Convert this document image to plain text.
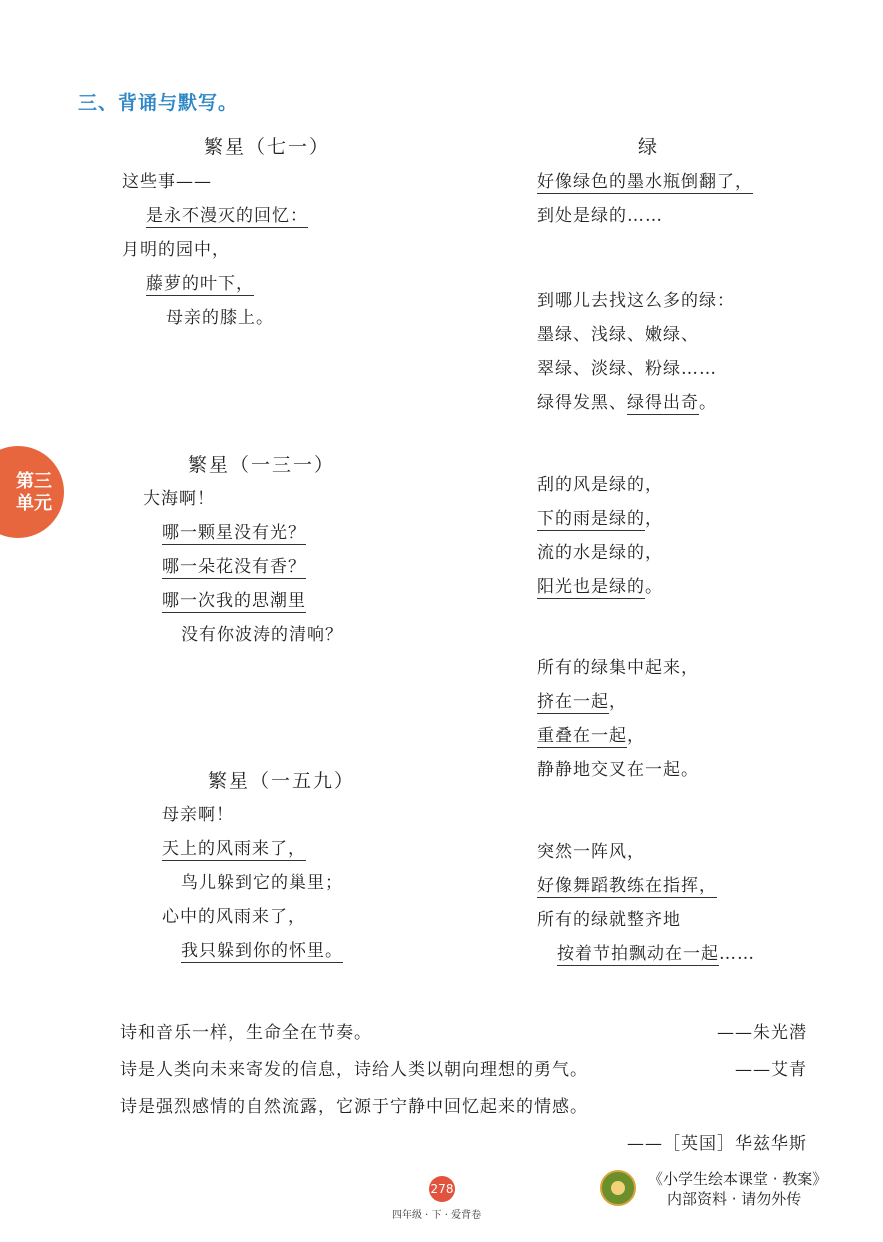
三、背诵与默写。
第三
单元
繁星（七一）
这些事——
是永不漫灭的回忆：
月明的园中，
藤萝的叶下，
母亲的膝上。
繁星（一三一）
大海啊！
哪一颗星没有光？
哪一朵花没有香？
哪一次我的思潮里
没有你波涛的清响？
繁星（一五九）
母亲啊！
天上的风雨来了，
鸟儿躲到它的巢里；
心中的风雨来了，
我只躲到你的怀里。
绿
好像绿色的墨水瓶倒翻了，
到处是绿的……
到哪儿去找这么多的绿：
墨绿、浅绿、嫩绿、
翠绿、淡绿、粉绿……
绿得发黑、绿得出奇。
刮的风是绿的，
下的雨是绿的，
流的水是绿的，
阳光也是绿的。
所有的绿集中起来，
挤在一起，
重叠在一起，
静静地交叉在一起。
突然一阵风，
好像舞蹈教练在指挥，
所有的绿就整齐地
按着节拍飘动在一起……
诗和音乐一样，生命全在节奏。	——朱光潜
诗是人类向未来寄发的信息，诗给人类以朝向理想的勇气。	——艾青
诗是强烈感情的自然流露，它源于宁静中回忆起来的情感。
——［英国］华兹华斯
278
四年级 · 下 · 爱背卷
《小学生绘本课堂 · 教案》
内部资料 · 请勿外传
